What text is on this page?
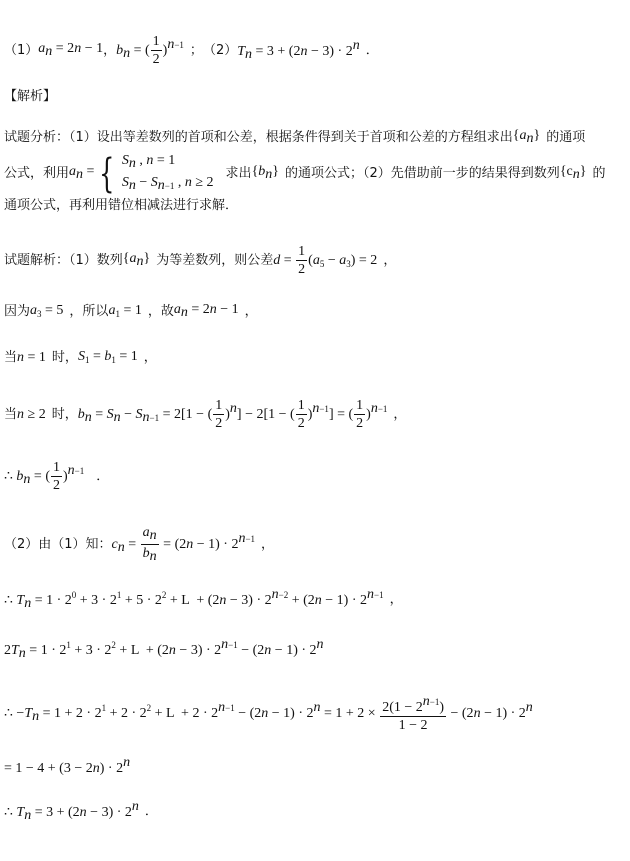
（1） $a_n = 2n - 1$ ， $b_n$ = ( $\frac{1}{2} )^{n-1}$ ； （2） $T_n = 3 + (2n - 3) \cdot 2^n$ ．
【解析】
试题分析：（1）设出等差数列的首项和公差，根据条件得到关于首项和公差的方程组求出 $\{a_n\}$ 的通项
公式，利用 $a_n$ = { $S_n$ , n = 1
$S_n - S_{n-1}$ , n ≥ 2
求出 $\{b_n\}$ 的通项公式；（2）先借助前一步的结果得到数列 $\{c_n\}$ 的
通项公式，再利用错位相减法进行求解．
试题解析：（1）数列 $\{a_n\}$ 为等差数列，则公差 $d = \frac{1}{2} (a_5 - a_3) = 2$ ，
因为 $a_3 = 5$ ，所以 $a_1 = 1$ ，故 $a_n = 2n - 1$ ，
当 n = 1 时， $S_1 = b_1 = 1$ ，
当 n ≥ 2 时， $b_n = S_n - S_{n-1} = 2[1$ − ( $\frac{1}{2} )^n] - 2[1$ − ( $\frac{1}{2} )^{n-1}$] = ( $\frac{1}{2} )^{n-1}$ ，
∴ $b_n$ = ( $\frac{1}{2} )^{n-1}$ ．
（2）由（1）知： $c_n = \frac{a_n}{b_n} = (2n - 1) \cdot 2^{n-1}$ ，
∴ $T_n = 1 \cdot 2^0 + 3 \cdot 2^1 + 5 \cdot 2^2 + L + (2n - 3) \cdot 2^{n-2} + (2n - 1) \cdot 2^{n-1}$ ，
$2T_n = 1 \cdot 2^1 + 3 \cdot 2^2 + L + (2n - 3) \cdot 2^{n-1} - (2n - 1) \cdot 2^n$
∴ $-T_n = 1 + 2 \cdot 2^1 + 2 \cdot 2^2 + L + 2 \cdot 2^{n-1} - (2n - 1) \cdot 2^n = 1 + 2 \times \frac{2(1 - 2^{n-1})}{1 - 2} - (2n - 1) \cdot 2^n$
= $1 - 4 + (3 - 2n) \cdot 2^n$
∴ $T_n = 3 + (2n - 3) \cdot 2^n$ ．
